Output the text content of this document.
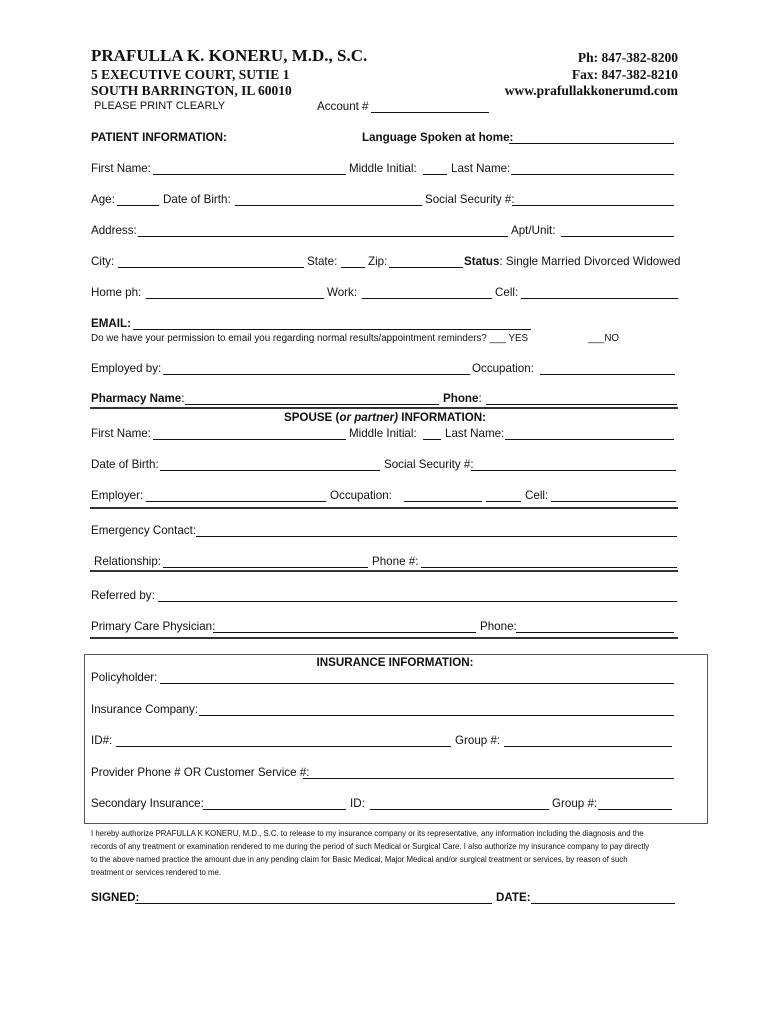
PRAFULLA K. KONERU, M.D., S.C.
5 EXECUTIVE COURT, SUTIE 1
SOUTH BARRINGTON, IL 60010
Ph: 847-382-8200
Fax: 847-382-8210
www.prafullakkonerumd.com
PLEASE PRINT CLEARLY	Account #
PATIENT INFORMATION:	Language Spoken at home:
First Name:	Middle Initial:	Last Name:
Age:	Date of Birth:	Social Security #:
Address:	Apt/Unit:
City:	State:	Zip:	Status: Single Married Divorced Widowed
Home ph:	Work:	Cell:
EMAIL:
Do we have your permission to email you regarding normal results/appointment reminders? ___ YES	___NO
Employed by:	Occupation:
Pharmacy Name:	Phone:
SPOUSE (or partner) INFORMATION:
First Name:	Middle Initial: Last Name:
Date of Birth:	Social Security #:
Employer:	Occupation:	Cell:
Emergency Contact:
Relationship:	Phone #:
Referred by:
Primary Care Physician:	Phone:
INSURANCE INFORMATION:
Policyholder:
Insurance Company:
ID#:	Group #:
Provider Phone # OR Customer Service #:
Secondary Insurance:	ID:	Group #:
I hereby authorize PRAFULLA K KONERU, M.D., S.C. to release to my insurance company or its representative, any information including the diagnosis and the
records of any treatment or examination rendered to me during the period of such Medical or Surgical Care. I also authorize my insurance company to pay directly
to the above named practice the amount due in any pending claim for Basic Medical, Major Medical and/or surgical treatment or services, by reason of such
treatment or services rendered to me.
SIGNED:	DATE:
